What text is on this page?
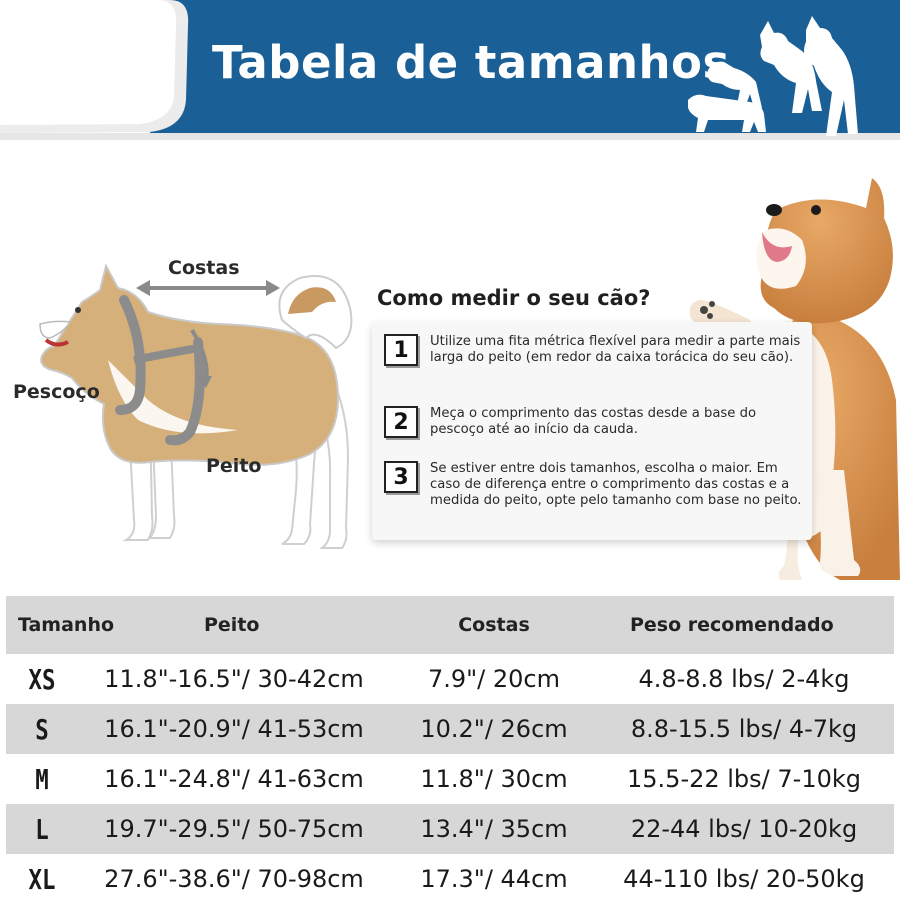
Tabela de tamanhos
Costas
Pescoço
Peito
Como medir o seu cão?
1	Utilize uma fita métrica flexível para medir a parte mais larga do peito (em redor da caixa torácica do seu cão).
2	Meça o comprimento das costas desde a base do pescoço até ao início da cauda.
3	Se estiver entre dois tamanhos, escolha o maior. Em caso de diferença entre o comprimento das costas e a medida do peito, opte pelo tamanho com base no peito.
Tamanho	Peito	Costas	Peso recomendado
XS	11.8"-16.5"/ 30-42cm	7.9"/ 20cm	4.8-8.8 lbs/ 2-4kg
S	16.1"-20.9"/ 41-53cm	10.2"/ 26cm	8.8-15.5 lbs/ 4-7kg
M	16.1"-24.8"/ 41-63cm	11.8"/ 30cm	15.5-22 lbs/ 7-10kg
L	19.7"-29.5"/ 50-75cm	13.4"/ 35cm	22-44 lbs/ 10-20kg
XL	27.6"-38.6"/ 70-98cm	17.3"/ 44cm	44-110 lbs/ 20-50kg
